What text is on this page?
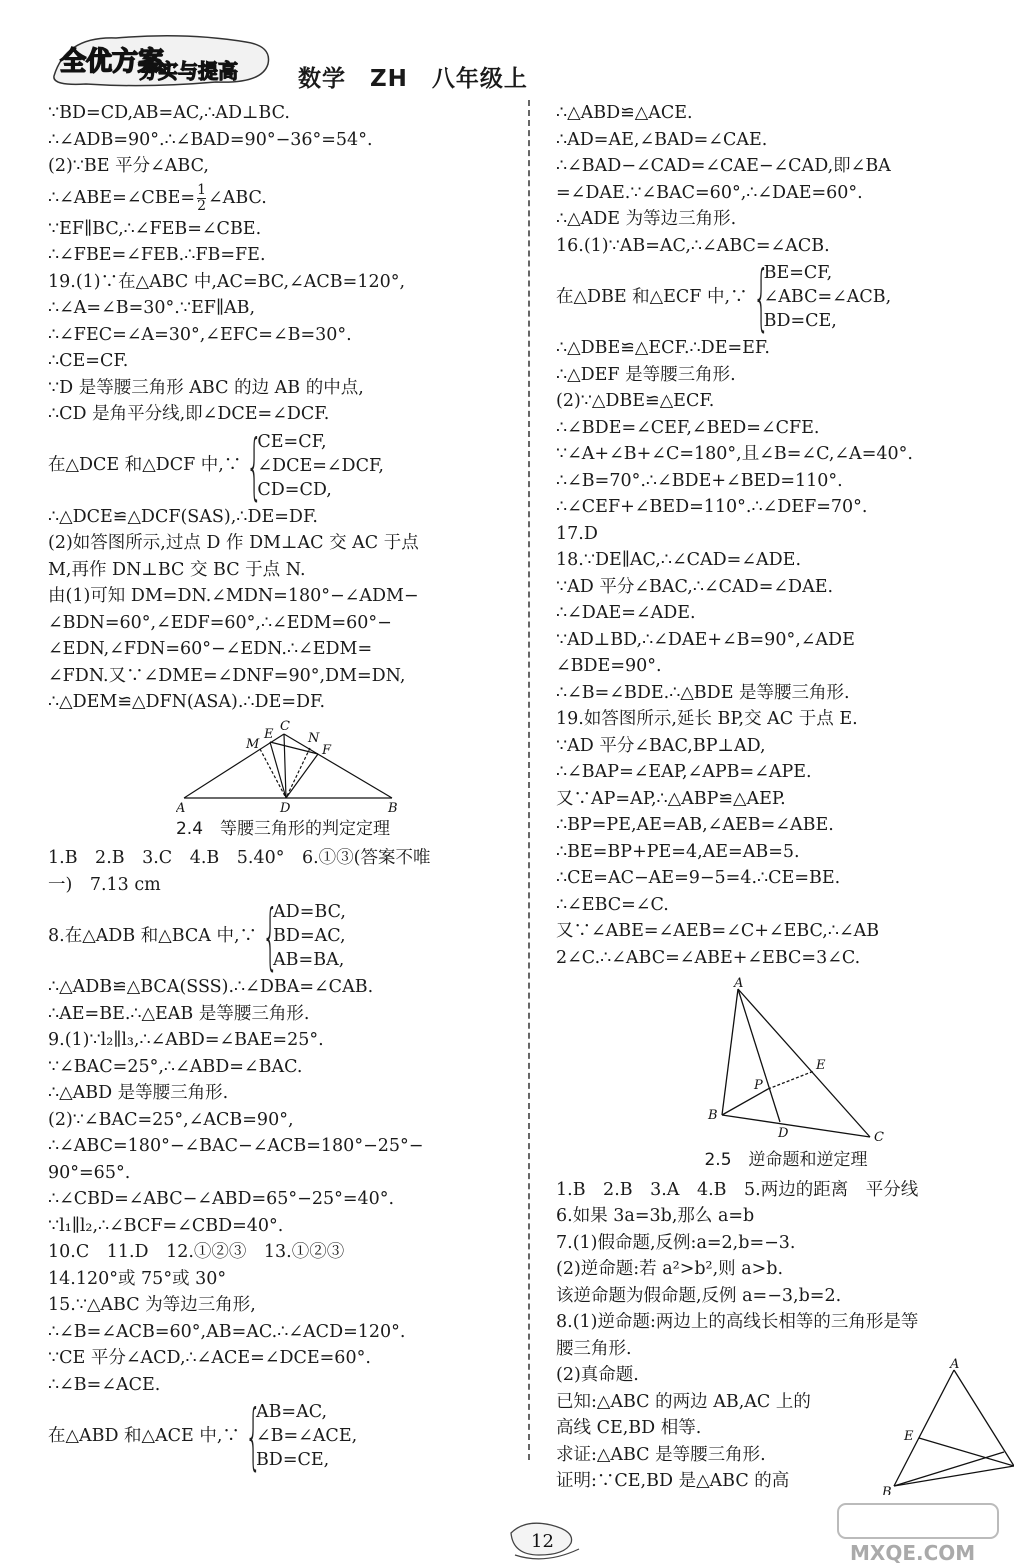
全优方案
夯实与提高	数学　ZH　八年级上
∵BD=CD,AB=AC,∴AD⊥BC.
∴∠ADB=90°.∴∠BAD=90°−36°=54°.
(2)∵BE 平分∠ABC,
∴∠ABE=∠CBE= $\frac{1}{2}$ ∠ABC.
∵EF∥BC,∴∠FEB=∠CBE.
∴∠FBE=∠FEB.∴FB=FE.
19.(1)∵在△ABC 中,AC=BC,∠ACB=120°,
∴∠A=∠B=30°.∵EF∥AB,
∴∠FEC=∠A=30°,∠EFC=∠B=30°.
∴CE=CF.
∵D 是等腰三角形 ABC 的边 AB 的中点,
∴CD 是角平分线,即∠DCE=∠DCF.
在△DCE 和△DCF 中,∵ {
CE=CF,
∠DCE=∠DCF,
CD=CD,
∴△DCE≌△DCF(SAS),∴DE=DF.
(2)如答图所示,过点 D 作 DM⊥AC 交 AC 于点
M,再作 DN⊥BC 交 BC 于点 N.
由(1)可知 DM=DN.∠MDN=180°−∠ADM−
∠BDN=60°,∠EDF=60°,∴∠EDM=60°−
∠EDN,∠FDN=60°−∠EDN.∴∠EDM=
∠FDN.又∵∠DME=∠DNF=90°,DM=DN,
∴△DEM≌△DFN(ASA).∴DE=DF.
A	B
C
D
E
F
M	N
2.4　等腰三角形的判定定理
1.B　2.B　3.C　4.B　5.40°　6.①③(答案不唯
一)　7.13 cm
8.在△ADB 和△BCA 中,∵ {
AD=BC,
BD=AC,
AB=BA,
∴△ADB≌△BCA(SSS).∴∠DBA=∠CAB.
∴AE=BE.∴△EAB 是等腰三角形.
9.(1)∵l₂∥l₃,∴∠ABD=∠BAE=25°.
∵∠BAC=25°,∴∠ABD=∠BAC.
∴△ABD 是等腰三角形.
(2)∵∠BAC=25°,∠ACB=90°,
∴∠ABC=180°−∠BAC−∠ACB=180°−25°−
90°=65°.
∴∠CBD=∠ABC−∠ABD=65°−25°=40°.
∵l₁∥l₂,∴∠BCF=∠CBD=40°.
10.C　11.D　12.①②③　13.①②③
14.120°或 75°或 30°
15.∵△ABC 为等边三角形,
∴∠B=∠ACB=60°,AB=AC.∴∠ACD=120°.
∵CE 平分∠ACD,∴∠ACE=∠DCE=60°.
∴∠B=∠ACE.
在△ABD 和△ACE 中,∵ {
AB=AC,
∠B=∠ACE,
BD=CE,
∴△ABD≌△ACE.
∴AD=AE,∠BAD=∠CAE.
∴∠BAD−∠CAD=∠CAE−∠CAD,即∠BA
=∠DAE.∵∠BAC=60°,∴∠DAE=60°.
∴△ADE 为等边三角形.
16.(1)∵AB=AC,∴∠ABC=∠ACB.
在△DBE 和△ECF 中,∵ {
BE=CF,
∠ABC=∠ACB,
BD=CE,
∴△DBE≌△ECF.∴DE=EF.
∴△DEF 是等腰三角形.
(2)∵△DBE≌△ECF.
∴∠BDE=∠CEF,∠BED=∠CFE.
∵∠A+∠B+∠C=180°,且∠B=∠C,∠A=40°.
∴∠B=70°.∴∠BDE+∠BED=110°.
∴∠CEF+∠BED=110°.∴∠DEF=70°.
17.D
18.∵DE∥AC,∴∠CAD=∠ADE.
∵AD 平分∠BAC,∴∠CAD=∠DAE.
∴∠DAE=∠ADE.
∵AD⊥BD,∴∠DAE+∠B=90°,∠ADE
∠BDE=90°.
∴∠B=∠BDE.∴△BDE 是等腰三角形.
19.如答图所示,延长 BP,交 AC 于点 E.
∵AD 平分∠BAC,BP⊥AD,
∴∠BAP=∠EAP,∠APB=∠APE.
又∵AP=AP,∴△ABP≌△AEP.
∴BP=PE,AE=AB,∠AEB=∠ABE.
∴BE=BP+PE=4,AE=AB=5.
∴CE=AC−AE=9−5=4.∴CE=BE.
∴∠EBC=∠C.
又∵∠ABE=∠AEB=∠C+∠EBC,∴∠AB
2∠C.∴∠ABC=∠ABE+∠EBC=3∠C.
A
B
C
D
E
P
2.5　逆命题和逆定理
1.B　2.B　3.A　4.B　5.两边的距离　平分线
6.如果 3a=3b,那么 a=b
7.(1)假命题,反例:a=2,b=−3.
(2)逆命题:若 a²>b²,则 a>b.
该逆命题为假命题,反例 a=−3,b=2.
8.(1)逆命题:两边上的高线长相等的三角形是等
腰三角形.
(2)真命题.
已知:△ABC 的两边 AB,AC 上的
高线 CE,BD 相等.
求证:△ABC 是等腰三角形.
证明:∵CE,BD 是△ABC 的高
A
B
E
12	MXQE.COM
